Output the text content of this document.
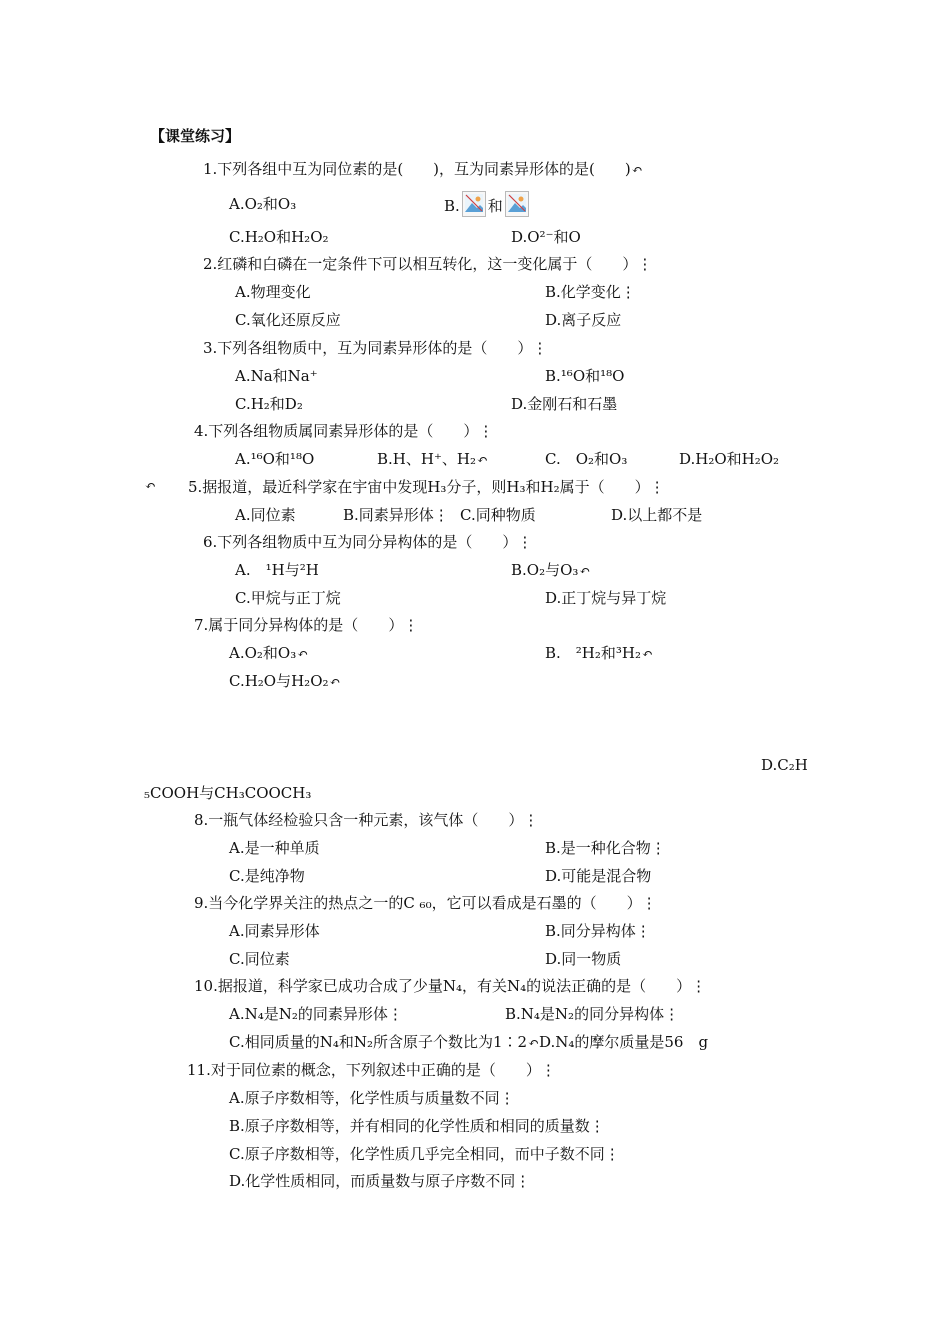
【课堂练习】
1.下列各组中互为同位素的是(　　)，互为同素异形体的是(　　)↶
A.O₂和O₃	B. 和
C.H₂O和H₂O₂	D.O²⁻和O
2.红磷和白磷在一定条件下可以相互转化，这一变化属于（　　）⋮
A.物理变化	B.化学变化⋮
C.氧化还原反应	D.离子反应
3.下列各组物质中，互为同素异形体的是（　　）⋮
A.Na和Na⁺	B.¹⁶O和¹⁸O
C.H₂和D₂	D.金刚石和石墨
4.下列各组物质属同素异形体的是（　　）⋮
A.¹⁶O和¹⁸O	B.H、H⁺、H₂↶	C.　O₂和O₃	D.H₂O和H₂O₂
↶ 5.据报道，最近科学家在宇宙中发现H₃分子，则H₃和H₂属于（　　）⋮
A.同位素	B.同素异形体⋮ C.同种物质	D.以上都不是
6.下列各组物质中互为同分异构体的是（　　）⋮
A.　¹H与²H	B.O₂与O₃↶
C.甲烷与正丁烷	D.正丁烷与异丁烷
7.属于同分异构体的是（　　）⋮
A.O₂和O₃↶	B.　²H₂和³H₂↶
C.H₂O与H₂O₂↶
D.C₂H
₅COOH与CH₃COOCH₃
8.一瓶气体经检验只含一种元素，该气体（　　）⋮
A.是一种单质	B.是一种化合物⋮
C.是纯净物	D.可能是混合物
9.当今化学界关注的热点之一的C ₆₀，它可以看成是石墨的（　　）⋮
A.同素异形体	B.同分异构体⋮
C.同位素	D.同一物质
10.据报道，科学家已成功合成了少量N₄，有关N₄的说法正确的是（　　）⋮
A.N₄是N₂的同素异形体⋮	B.N₄是N₂的同分异构体⋮
C.相同质量的N₄和N₂所含原子个数比为1∶2↶D.N₄的摩尔质量是56　g
11.对于同位素的概念，下列叙述中正确的是（　　）⋮
A.原子序数相等，化学性质与质量数不同⋮
B.原子序数相等，并有相同的化学性质和相同的质量数⋮
C.原子序数相等，化学性质几乎完全相同，而中子数不同⋮
D.化学性质相同，而质量数与原子序数不同⋮
